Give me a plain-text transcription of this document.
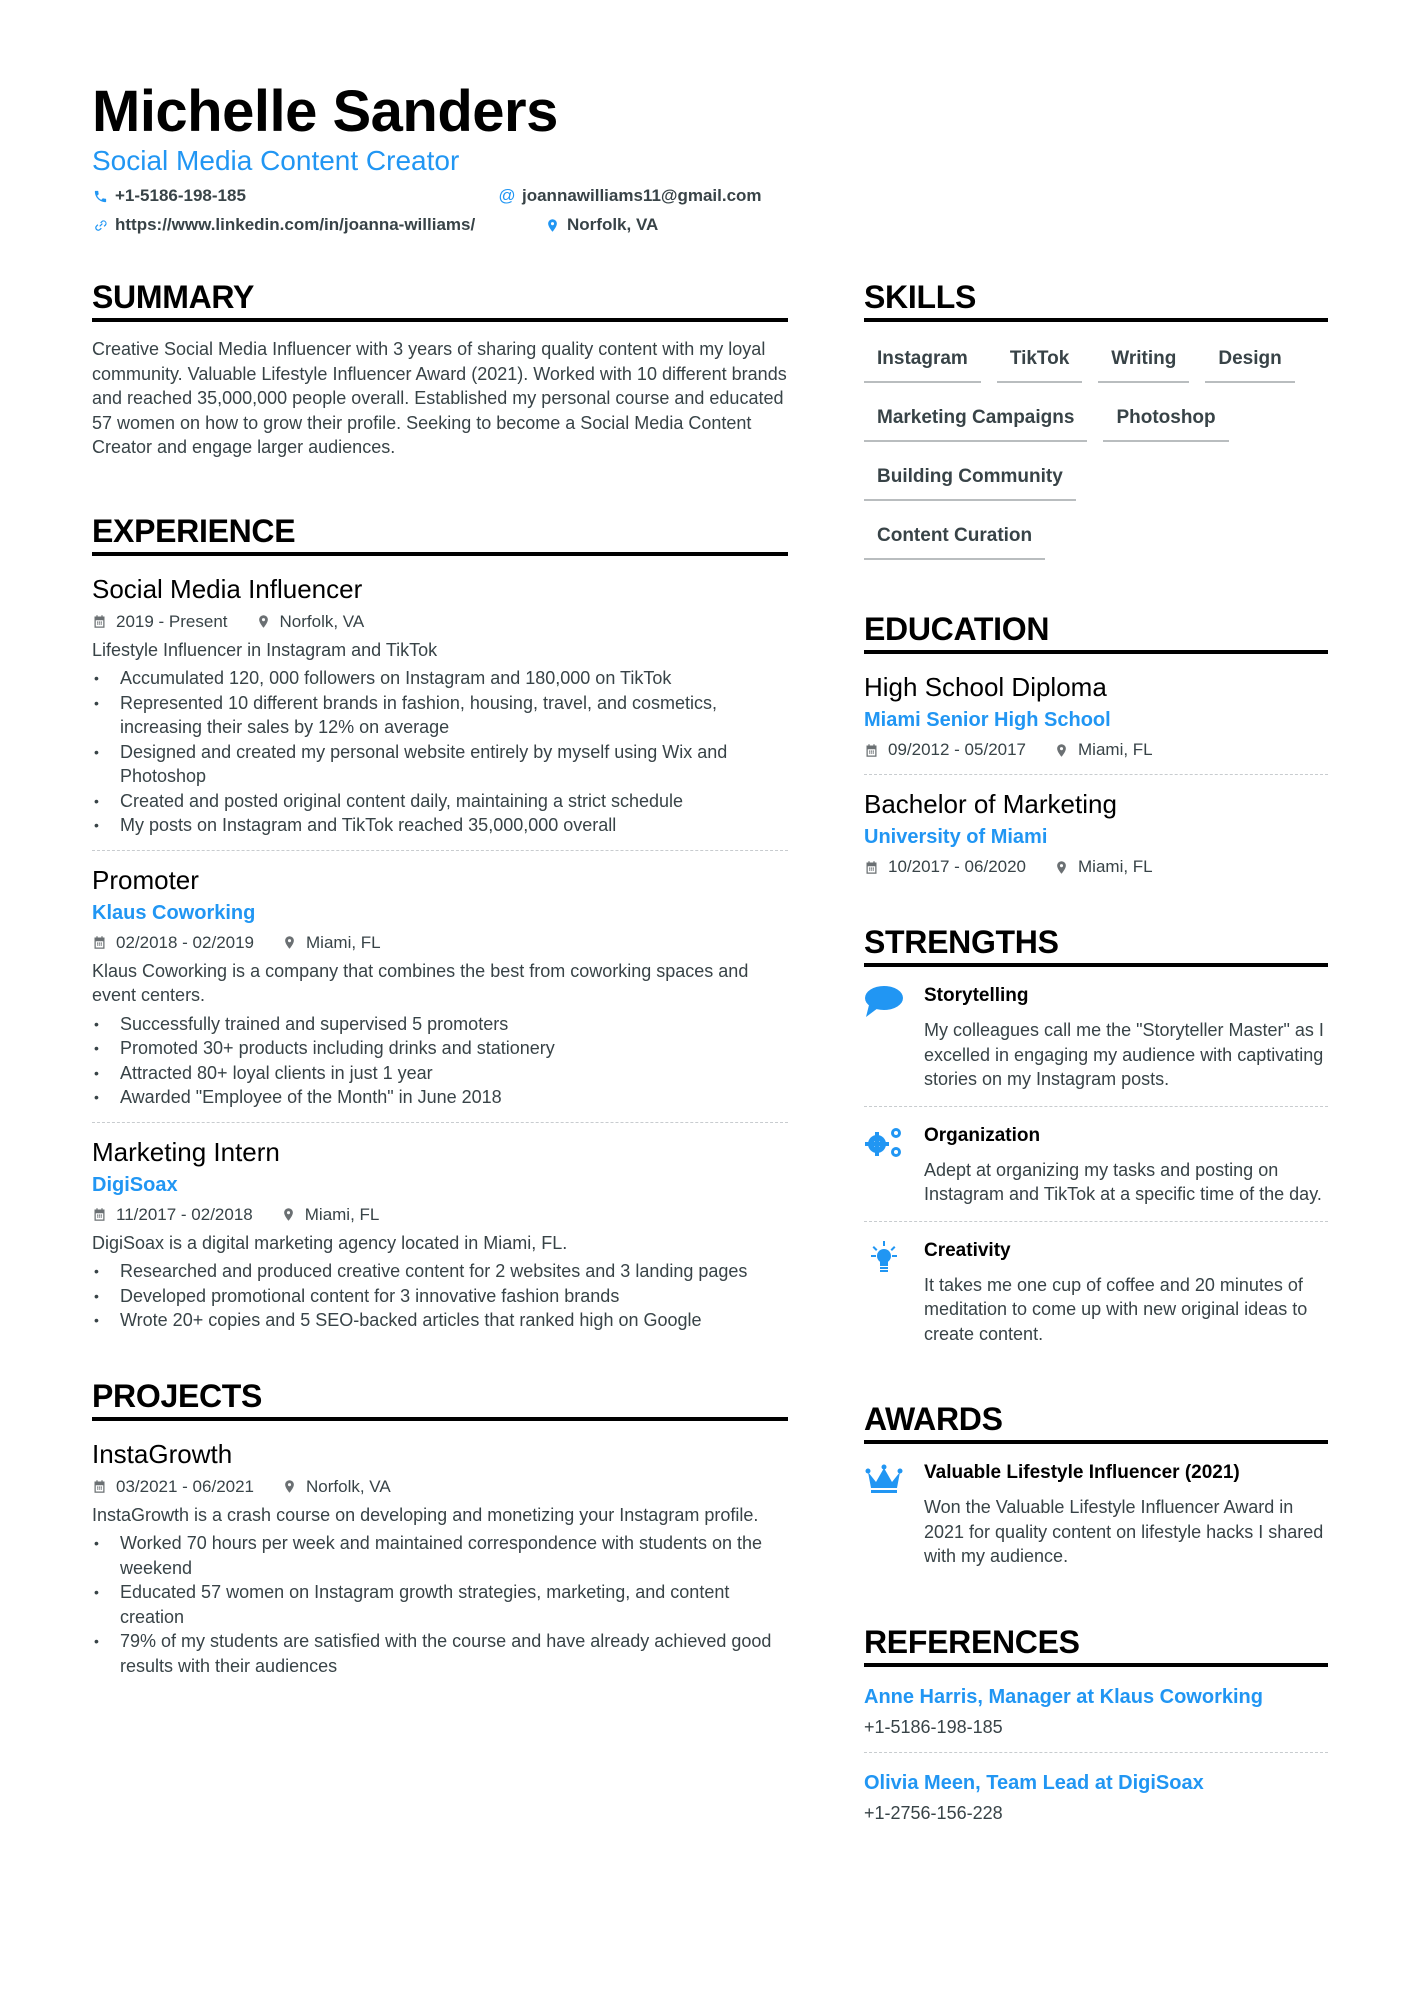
Michelle Sanders
Social Media Content Creator
+1-5186-198-185	@ joannawilliams11@gmail.com
https://www.linkedin.com/in/joanna-williams/	Norfolk, VA
SUMMARY
Creative Social Media Influencer with 3 years of sharing quality content with my loyal community. Valuable Lifestyle Influencer Award (2021). Worked with 10 different brands and reached 35,000,000 people overall. Established my personal course and educated 57 women on how to grow their profile. Seeking to become a Social Media Content Creator and engage larger audiences.
EXPERIENCE
Social Media Influencer
2019 - Present	Norfolk, VA
Lifestyle Influencer in Instagram and TikTok
• Accumulated 120, 000 followers on Instagram and 180,000 on TikTok
• Represented 10 different brands in fashion, housing, travel, and cosmetics, increasing their sales by 12% on average
• Designed and created my personal website entirely by myself using Wix and Photoshop
• Created and posted original content daily, maintaining a strict schedule
• My posts on Instagram and TikTok reached 35,000,000 overall
Promoter
Klaus Coworking
02/2018 - 02/2019	Miami, FL
Klaus Coworking is a company that combines the best from coworking spaces and event centers.
• Successfully trained and supervised 5 promoters
• Promoted 30+ products including drinks and stationery
• Attracted 80+ loyal clients in just 1 year
• Awarded "Employee of the Month" in June 2018
Marketing Intern
DigiSoax
11/2017 - 02/2018	Miami, FL
DigiSoax is a digital marketing agency located in Miami, FL.
• Researched and produced creative content for 2 websites and 3 landing pages
• Developed promotional content for 3 innovative fashion brands
• Wrote 20+ copies and 5 SEO-backed articles that ranked high on Google
PROJECTS
InstaGrowth
03/2021 - 06/2021	Norfolk, VA
InstaGrowth is a crash course on developing and monetizing your Instagram profile.
• Worked 70 hours per week and maintained correspondence with students on the weekend
• Educated 57 women on Instagram growth strategies, marketing, and content creation
• 79% of my students are satisfied with the course and have already achieved good results with their audiences
SKILLS
Instagram	TikTok	Writing	Design
Marketing Campaigns	Photoshop
Building Community
Content Curation
EDUCATION
High School Diploma
Miami Senior High School
09/2012 - 05/2017	Miami, FL
Bachelor of Marketing
University of Miami
10/2017 - 06/2020	Miami, FL
STRENGTHS
Storytelling
My colleagues call me the "Storyteller Master" as I excelled in engaging my audience with captivating stories on my Instagram posts.
Organization
Adept at organizing my tasks and posting on Instagram and TikTok at a specific time of the day.
Creativity
It takes me one cup of coffee and 20 minutes of meditation to come up with new original ideas to create content.
AWARDS
Valuable Lifestyle Influencer (2021)
Won the Valuable Lifestyle Influencer Award in 2021 for quality content on lifestyle hacks I shared with my audience.
REFERENCES
Anne Harris, Manager at Klaus Coworking
+1-5186-198-185
Olivia Meen, Team Lead at DigiSoax
+1-2756-156-228
